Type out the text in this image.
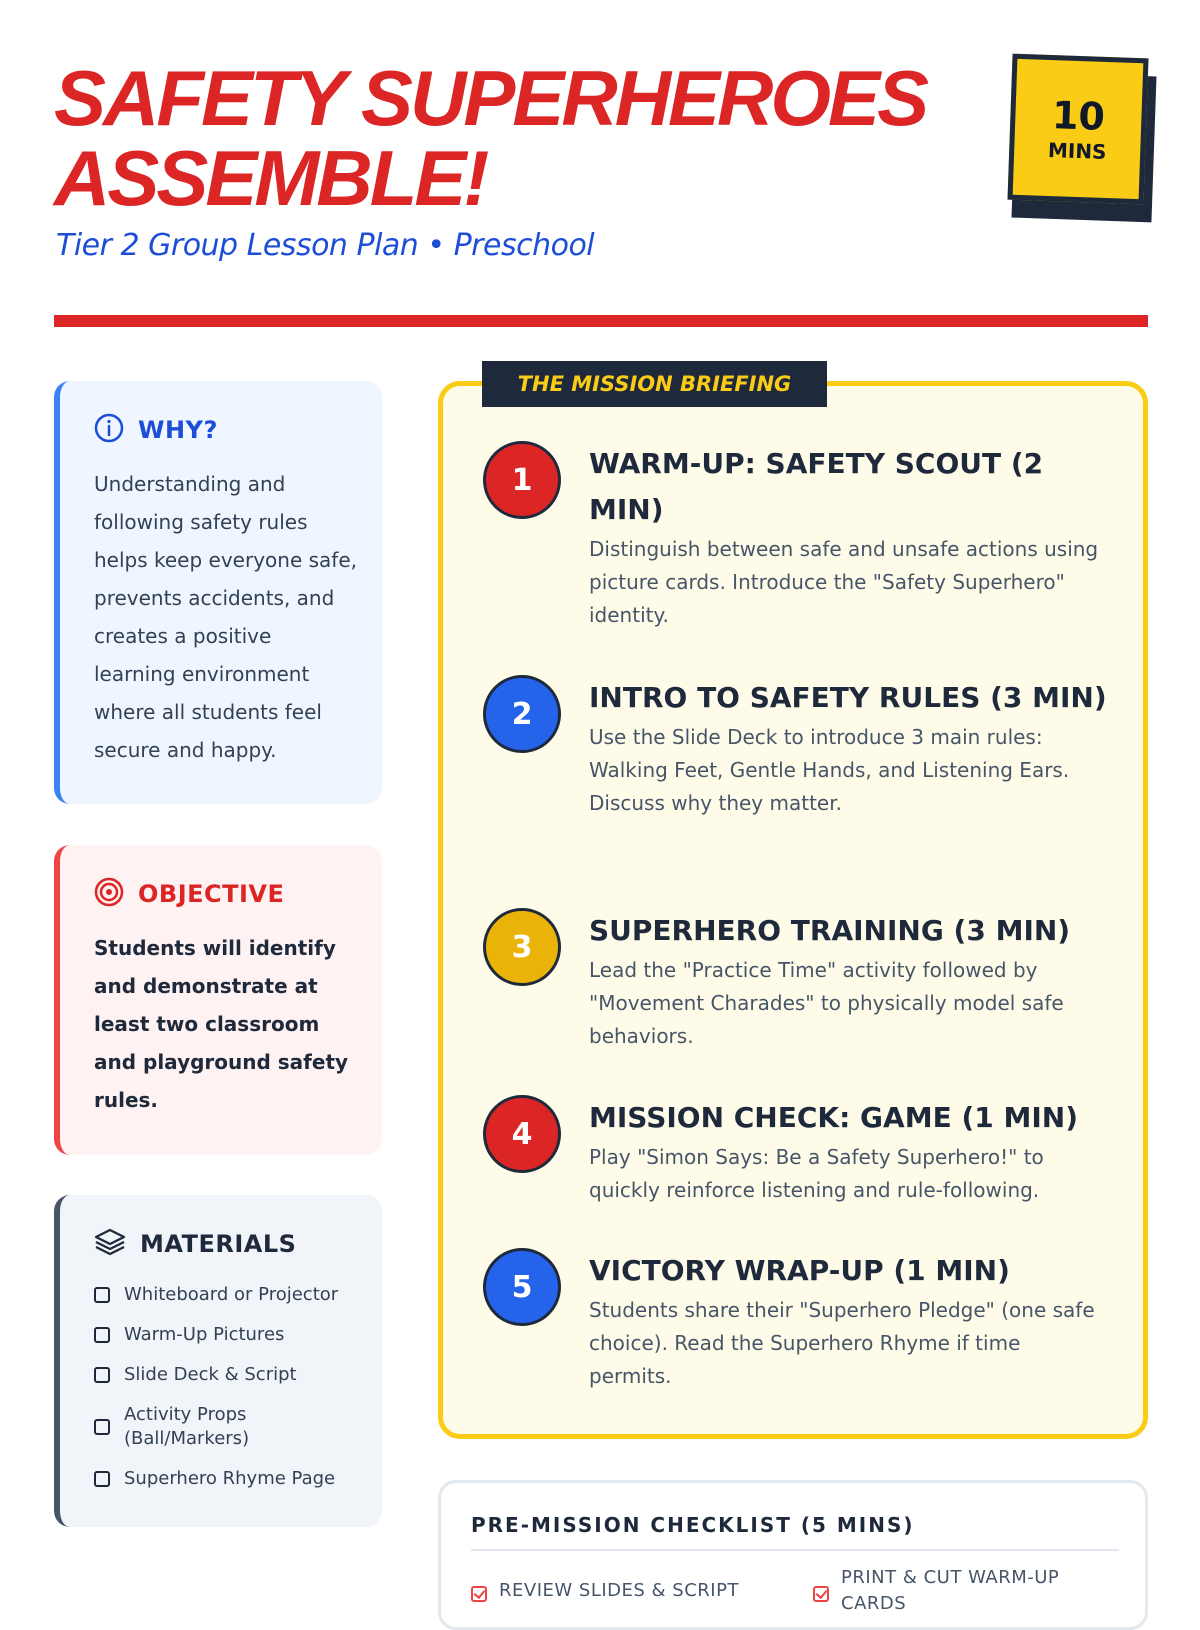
SAFETY SUPERHEROES
ASSEMBLE!
Tier 2 Group Lesson Plan • Preschool
10
MINS
WHY?
Understanding and following safety rules helps keep everyone safe, prevents accidents, and creates a positive learning environment where all students feel secure and happy.
OBJECTIVE
Students will identify and demonstrate at least two classroom and playground safety rules.
MATERIALS
Whiteboard or Projector
Warm-Up Pictures
Slide Deck & Script
Activity Props (Ball/Markers)
Superhero Rhyme Page
THE MISSION BRIEFING
1	WARM-UP: SAFETY SCOUT (2 MIN)
Distinguish between safe and unsafe actions using picture cards. Introduce the "Safety Superhero" identity.
2	INTRO TO SAFETY RULES (3 MIN)
Use the Slide Deck to introduce 3 main rules: Walking Feet, Gentle Hands, and Listening Ears. Discuss why they matter.
3	SUPERHERO TRAINING (3 MIN)
Lead the "Practice Time" activity followed by "Movement Charades" to physically model safe behaviors.
4	MISSION CHECK: GAME (1 MIN)
Play "Simon Says: Be a Safety Superhero!" to quickly reinforce listening and rule-following.
5	VICTORY WRAP-UP (1 MIN)
Students share their "Superhero Pledge" (one safe choice). Read the Superhero Rhyme if time permits.
PRE-MISSION CHECKLIST (5 MINS)
REVIEW SLIDES & SCRIPT
PRINT & CUT WARM-UP CARDS
